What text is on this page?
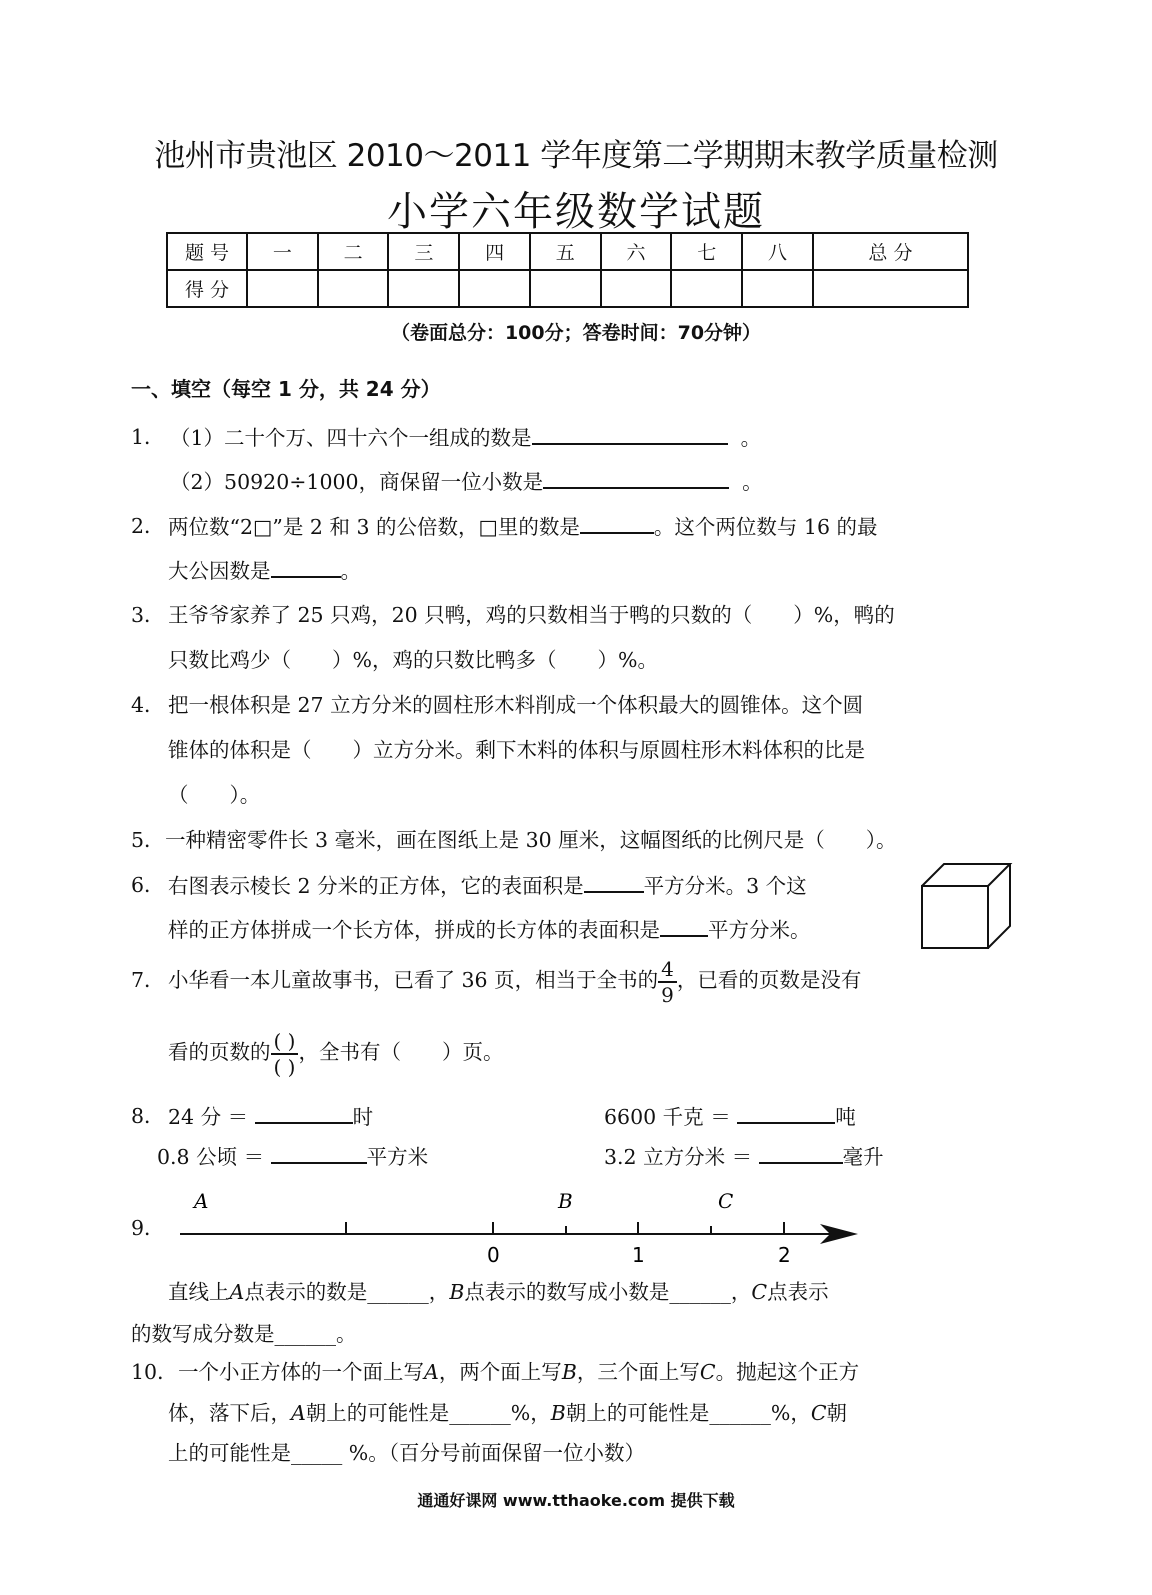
池州市贵池区 2010～2011 学年度第二学期期末教学质量检测
小学六年级数学试题
题 号	一	二	三	四	五	六	七	八	总 分
得 分									
（卷面总分：100分；答卷时间：70分钟）
一、填空（每空 1 分，共 24 分）
1． （1）二十个万、四十六个一组成的数是	。
（2）50920÷1000，商保留一位小数是	。
2． 两位数“2□”是 2 和 3 的公倍数，□里的数是	。这个两位数与 16 的最
大公因数是	。
3． 王爷爷家养了 25 只鸡，20 只鸭，鸡的只数相当于鸭的只数的（　　）%，鸭的
只数比鸡少（　　）%，鸡的只数比鸭多（　　）%。
4． 把一根体积是 27 立方分米的圆柱形木料削成一个体积最大的圆锥体。这个圆
锥体的体积是（　　）立方分米。剩下木料的体积与原圆柱形木料体积的比是
（　　）。
5． 一种精密零件长 3 毫米，画在图纸上是 30 厘米，这幅图纸的比例尺是（　　）。
6． 右图表示棱长 2 分米的正方体，它的表面积是	平方分米。3 个这
样的正方体拼成一个长方体，拼成的长方体的表面积是 平方分米。
7． 小华看一本儿童故事书，已看了 36 页，相当于全书的 $\frac{4}{9}$ ，已看的页数是没有
看的页数的 $\frac{( )}{( )}$ ，全书有（　　）页。
8． 24 分 ＝	时	6600 千克 ＝	吨
0.8 公顷 ＝	平方米	3.2 立方分米 ＝	毫升
9．
A	B	C
0	1	2
直线上A点表示的数是______，B点表示的数写成小数是______，C点表示
的数写成分数是______。
10． 一个小正方体的一个面上写A，两个面上写B，三个面上写C。抛起这个正方
体，落下后，A朝上的可能性是______%，B朝上的可能性是______%，C朝
上的可能性是_____ %。（百分号前面保留一位小数）
通通好课网 www.tthaoke.com 提供下载
